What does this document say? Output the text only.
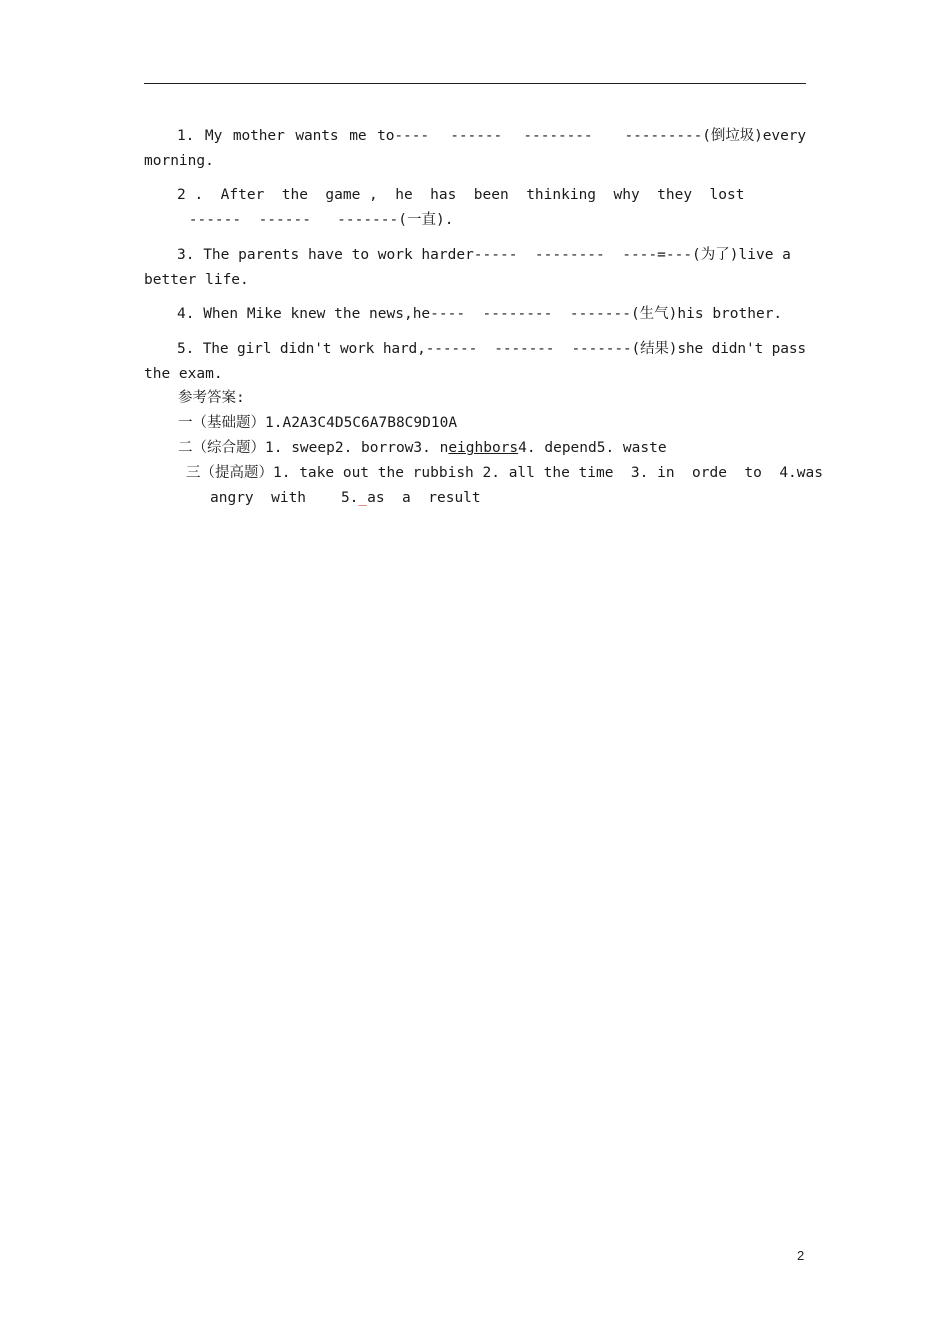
1. My mother wants me to----  ------  --------   ---------(倒垃圾)every
morning.
2 .  After  the  game ,  he  has  been  thinking  why  they  lost
------  ------   -------(一直).
3. The parents have to work harder-----  --------  ----=---(为了)live a
better life.
4. When Mike knew the news,he----  --------  -------(生气)his brother.
5. The girl didn't work hard,------  -------  -------(结果)she didn't pass
the exam.
参考答案:
一（基础题）1.A2A3C4D5C6A7B8C9D10A
二（综合题）1. sweep2. borrow3. neighbors4. depend5. waste
三（提高题）1. take out the rubbish 2. all the time  3. in  orde  to  4.was
angry  with    5._as  a  result
2
